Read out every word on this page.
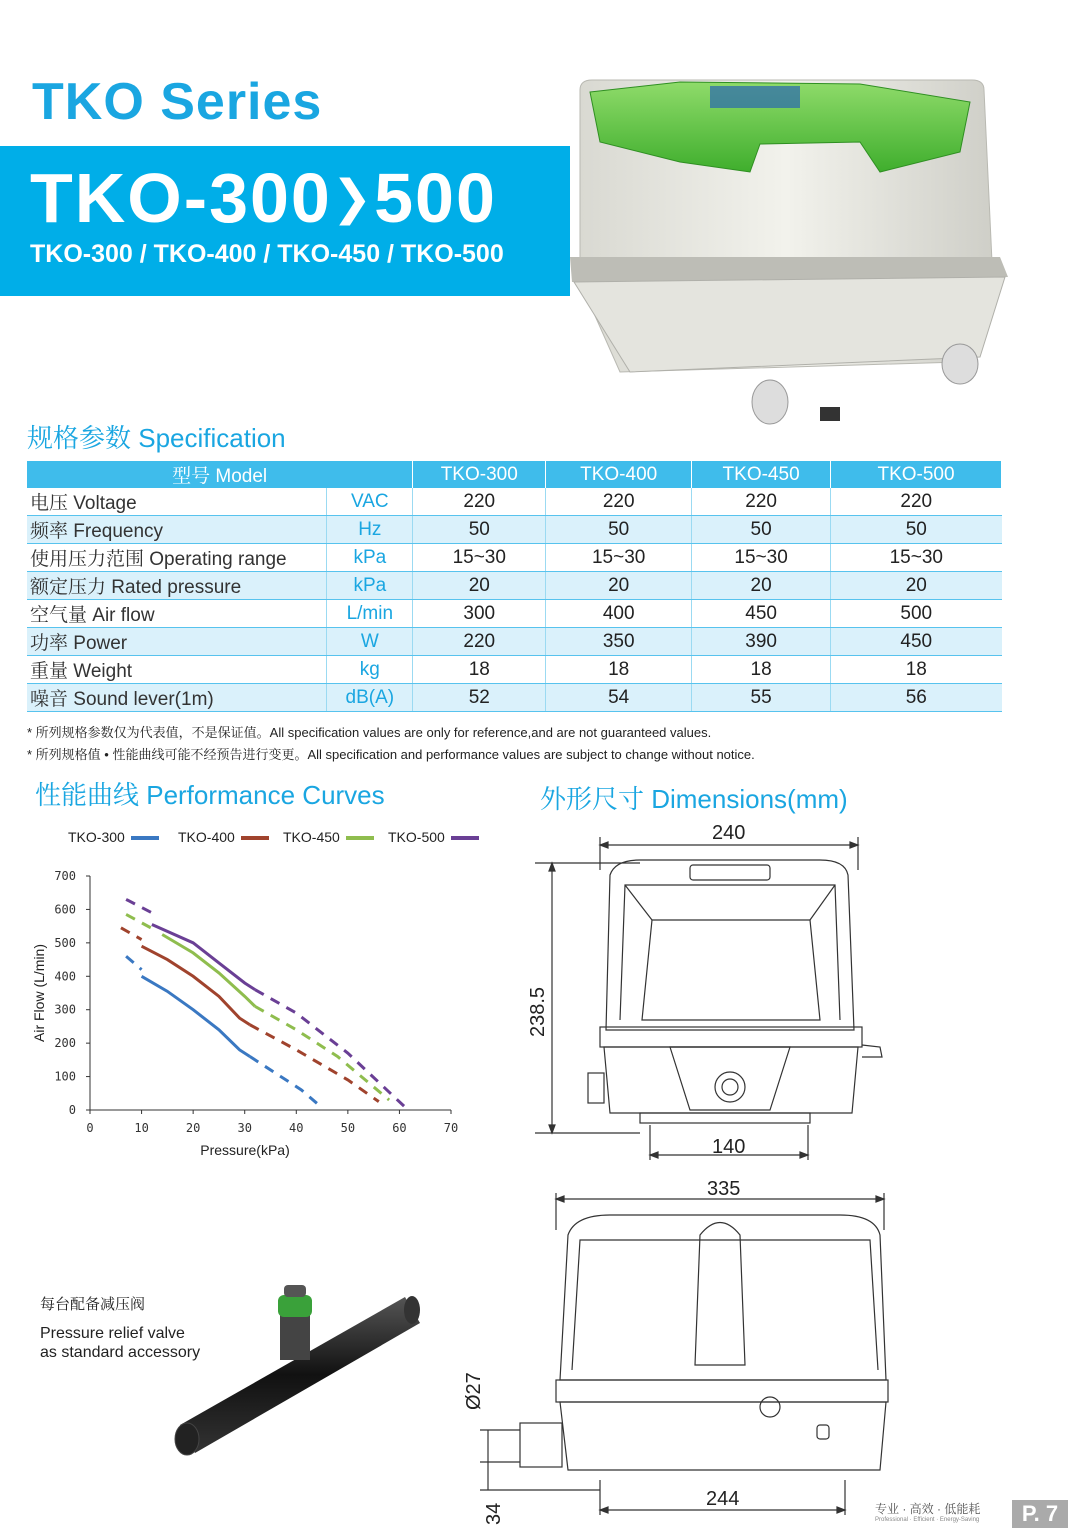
TKO Series
TKO-300❯500
TKO-300 / TKO-400 / TKO-450 / TKO-500
规格参数 Specification
型号 Model		TKO-300	TKO-400	TKO-450	TKO-500
电压 Voltage	VAC	220	220	220	220
频率 Frequency	Hz	50	50	50	50
使用压力范围 Operating range	kPa	15~30	15~30	15~30	15~30
额定压力 Rated pressure	kPa	20	20	20	20
空气量 Air flow	L/min	300	400	450	500
功率 Power	W	220	350	390	450
重量 Weight	kg	18	18	18	18
噪音 Sound lever(1m)	dB(A)	52	54	55	56
* 所列规格参数仅为代表值，不是保证值。All specification values are only for reference,and are not guaranteed values.
* 所列规格值 • 性能曲线可能不经预告进行变更。All specification and performance values are subject to change without notice.
性能曲线 Performance Curves
TKO-300	TKO-400	TKO-450	TKO-500
0	10	20	30	40	50	60	70
0
100
200
300
400
500
600
700
Pressure(kPa)
Air Flow (L/min)
外形尺寸 Dimensions(mm)
240
238.5
140
335
Ø27
34
244
每台配备减压阀
Pressure relief valve
as standard accessory
专业 · 高效 · 低能耗
Professional · Efficient · Energy-Saving	P. 7
